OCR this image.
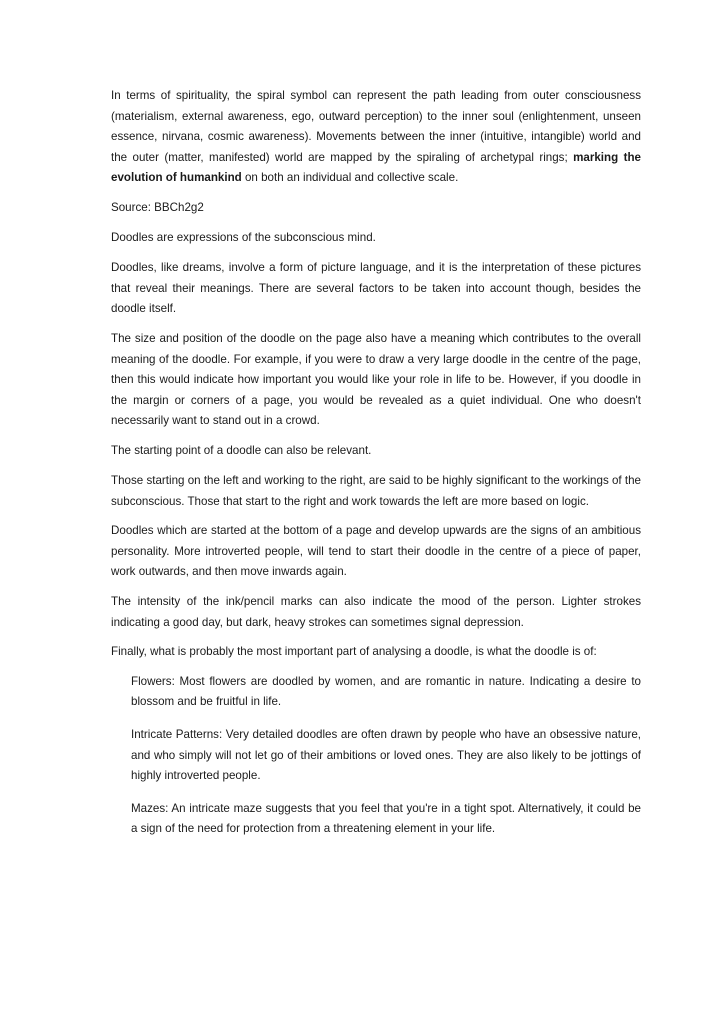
In terms of spirituality, the spiral symbol can represent the path leading from outer consciousness (materialism, external awareness, ego, outward perception) to the inner soul (enlightenment, unseen essence, nirvana, cosmic awareness). Movements between the inner (intuitive, intangible) world and the outer (matter, manifested) world are mapped by the spiraling of archetypal rings; marking the evolution of humankind on both an individual and collective scale.

Source: BBCh2g2

Doodles are expressions of the subconscious mind.

Doodles, like dreams, involve a form of picture language, and it is the interpretation of these pictures that reveal their meanings. There are several factors to be taken into account though, besides the doodle itself.

The size and position of the doodle on the page also have a meaning which contributes to the overall meaning of the doodle. For example, if you were to draw a very large doodle in the centre of the page, then this would indicate how important you would like your role in life to be. However, if you doodle in the margin or corners of a page, you would be revealed as a quiet individual. One who doesn't necessarily want to stand out in a crowd.

The starting point of a doodle can also be relevant.

Those starting on the left and working to the right, are said to be highly significant to the workings of the subconscious. Those that start to the right and work towards the left are more based on logic.

Doodles which are started at the bottom of a page and develop upwards are the signs of an ambitious personality. More introverted people, will tend to start their doodle in the centre of a piece of paper, work outwards, and then move inwards again.

The intensity of the ink/pencil marks can also indicate the mood of the person. Lighter strokes indicating a good day, but dark, heavy strokes can sometimes signal depression.

Finally, what is probably the most important part of analysing a doodle, is what the doodle is of:

Flowers: Most flowers are doodled by women, and are romantic in nature. Indicating a desire to blossom and be fruitful in life.

Intricate Patterns: Very detailed doodles are often drawn by people who have an obsessive nature, and who simply will not let go of their ambitions or loved ones. They are also likely to be jottings of highly introverted people.

Mazes: An intricate maze suggests that you feel that you're in a tight spot. Alternatively, it could be a sign of the need for protection from a threatening element in your life.
